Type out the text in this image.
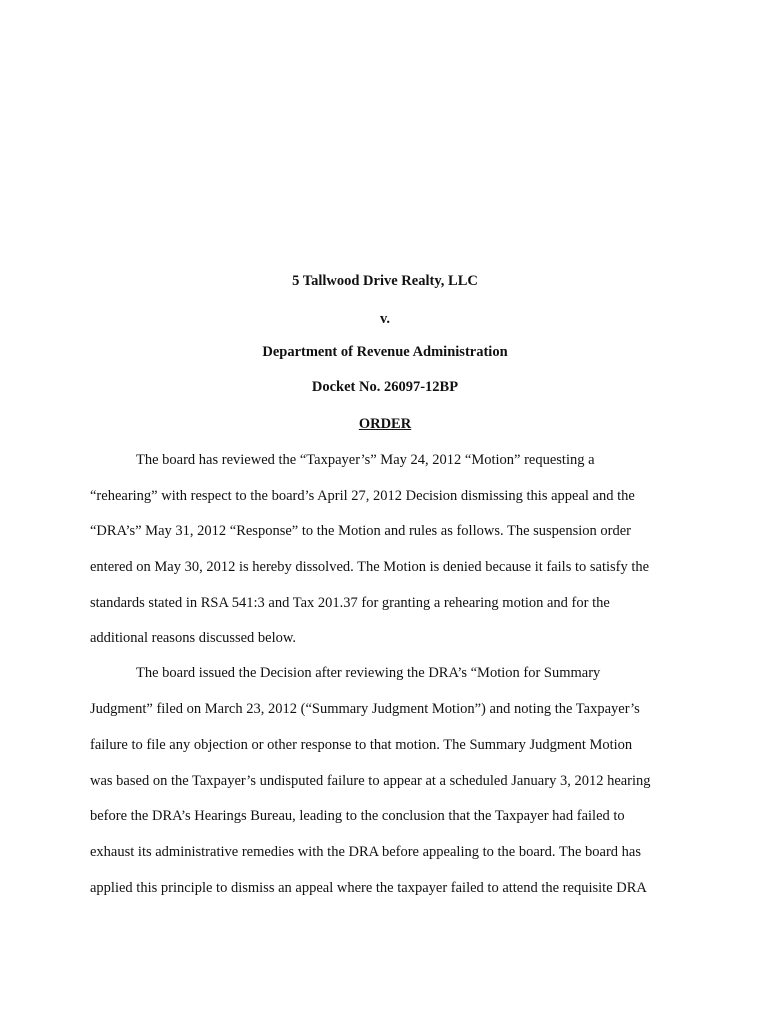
5 Tallwood Drive Realty, LLC

v.

Department of Revenue Administration

Docket No. 26097-12BP

ORDER

The board has reviewed the “Taxpayer’s” May 24, 2012 “Motion” requesting a

“rehearing” with respect to the board’s April 27, 2012 Decision dismissing this appeal and the

“DRA’s” May 31, 2012 “Response” to the Motion and rules as follows. The suspension order

entered on May 30, 2012 is hereby dissolved. The Motion is denied because it fails to satisfy the

standards stated in RSA 541:3 and Tax 201.37 for granting a rehearing motion and for the

additional reasons discussed below.

The board issued the Decision after reviewing the DRA’s “Motion for Summary

Judgment” filed on March 23, 2012 (“Summary Judgment Motion”) and noting the Taxpayer’s

failure to file any objection or other response to that motion. The Summary Judgment Motion

was based on the Taxpayer’s undisputed failure to appear at a scheduled January 3, 2012 hearing

before the DRA’s Hearings Bureau, leading to the conclusion that the Taxpayer had failed to

exhaust its administrative remedies with the DRA before appealing to the board. The board has

applied this principle to dismiss an appeal where the taxpayer failed to attend the requisite DRA
